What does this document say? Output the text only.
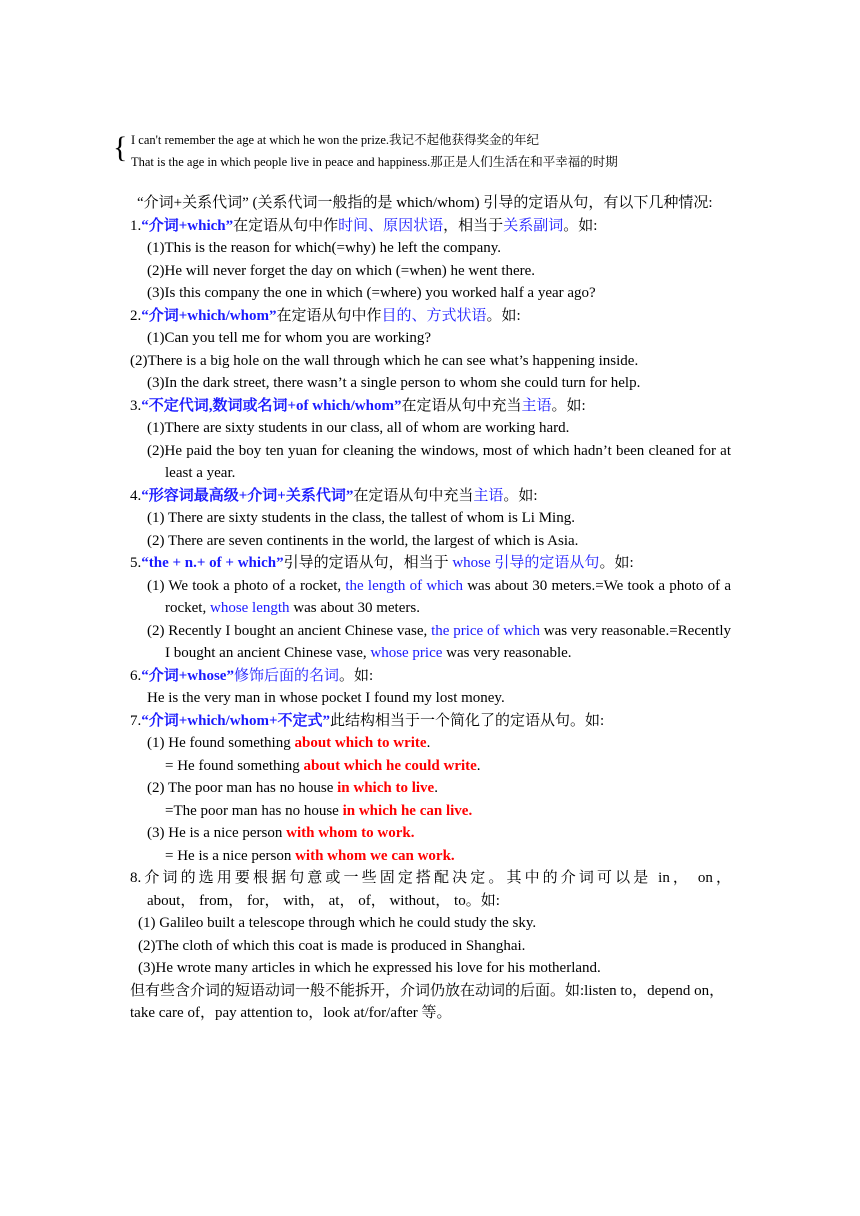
{ I can't remember the age at which he won the prize.我记不起他获得奖金的年纪
That is the age in which people live in peace and happiness.那正是人们生活在和平幸福的时期

“介词+关系代词” (关系代词一般指的是 which/whom) 引导的定语从句，有以下几种情况:

1.“介词+which”在定语从句中作时间、原因状语，相当于关系副词。如:

(1)This is the reason for which(=why) he left the company.

(2)He will never forget the day on which (=when) he went there.

(3)Is this company the one in which (=where) you worked half a year ago?

2.“介词+which/whom”在定语从句中作目的、方式状语。如:

(1)Can you tell me for whom you are working?

(2)There is a big hole on the wall through which he can see what’s happening inside.

(3)In the dark street, there wasn’t a single person to whom she could turn for help.

3.“不定代词,数词或名词+of which/whom”在定语从句中充当主语。如:

(1)There are sixty students in our class, all of whom are working hard.

(2)He paid the boy ten yuan for cleaning the windows, most of which hadn’t been cleaned for at least a year.

4.“形容词最高级+介词+关系代词”在定语从句中充当主语。如:

(1) There are sixty students in the class, the tallest of whom is Li Ming.

(2) There are seven continents in the world, the largest of which is Asia.

5.“the + n.+ of + which”引导的定语从句，相当于 whose 引导的定语从句。如:

(1) We took a photo of a rocket, the length of which was about 30 meters.=We took a photo of a rocket, whose length was about 30 meters.

(2) Recently I bought an ancient Chinese vase, the price of which was very reasonable.=Recently I bought an ancient Chinese vase, whose price was very reasonable.

6.“介词+whose”修饰后面的名词。如:

He is the very man in whose pocket I found my lost money.

7.“介词+which/whom+不定式”此结构相当于一个简化了的定语从句。如:

(1) He found something about which to write.

= He found something about which he could write.

(2) The poor man has no house in which to live.

=The poor man has no house in which he can live.

(3) He is a nice person with whom to work.

= He is a nice person with whom we can work.

8.介词的选用要根据句意或一些固定搭配决定。其中的介词可以是 in， on，

about， from， for， with， at， of， without， to。如:

(1) Galileo built a telescope through which he could study the sky.

(2)The cloth of which this coat is made is produced in Shanghai.

(3)He wrote many articles in which he expressed his love for his motherland.

但有些含介词的短语动词一般不能拆开，介词仍放在动词的后面。如:listen to，depend on， take care of，pay attention to，look at/for/after 等。
